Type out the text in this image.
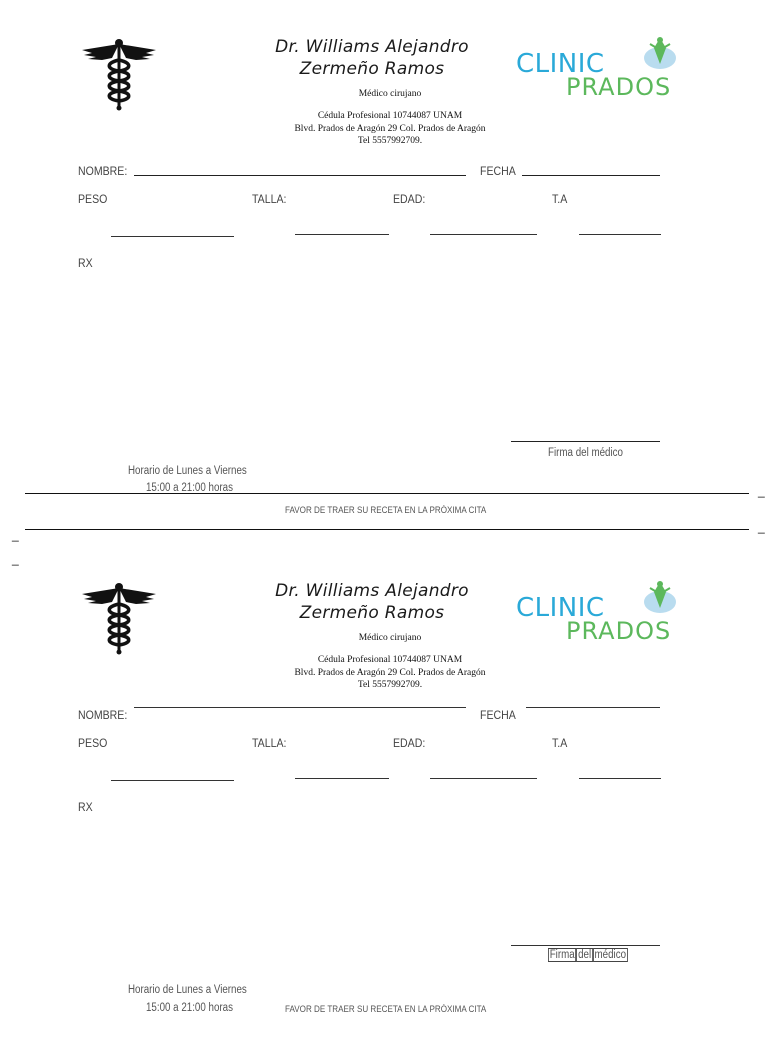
Dr. Williams Alejandro
Zermeño Ramos
Médico cirujano
Cédula Profesional 10744087 UNAM
Blvd. Prados de Aragón 29 Col. Prados de Aragón
Tel 5557992709.
CLINIC
PRADOS
NOMBRE:	FECHA
PESO	TALLA:	EDAD:	T.A
RX
Firma del médico
Horario de Lunes a Viernes
15:00 a 21:00 horas
FAVOR DE TRAER SU RECETA EN LA PRÓXIMA CITA
_
_
_
_
Dr. Williams Alejandro
Zermeño Ramos
Médico cirujano
Cédula Profesional 10744087 UNAM
Blvd. Prados de Aragón 29 Col. Prados de Aragón
Tel 5557992709.
CLINIC
PRADOS
NOMBRE:	FECHA
PESO	TALLA:	EDAD:	T.A
RX
Firma del médico
Horario de Lunes a Viernes
15:00 a 21:00 horas	FAVOR DE TRAER SU RECETA EN LA PRÓXIMA CITA
